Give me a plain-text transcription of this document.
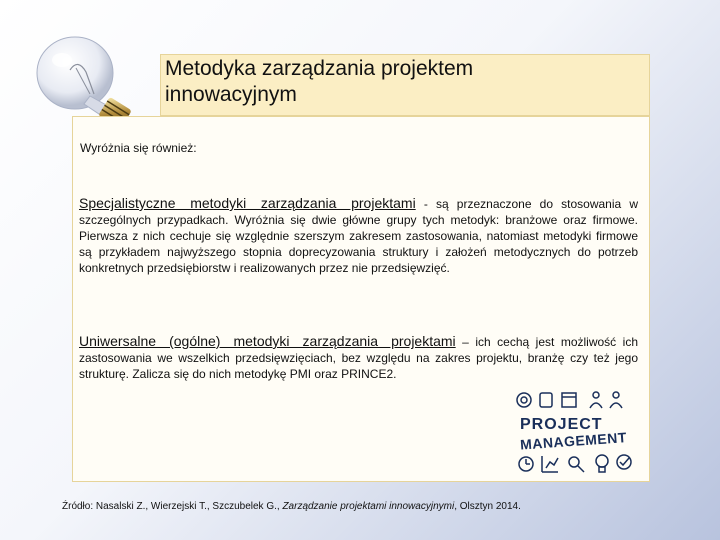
Metodyka zarządzania projektem
innowacyjnym
Wyróżnia się również:
Specjalistyczne metodyki zarządzania projektami - są przeznaczone do stosowania w szczególnych przypadkach. Wyróżnia się dwie główne grupy tych metodyk: branżowe oraz firmowe. Pierwsza z nich cechuje się względnie szerszym zakresem zastosowania, natomiast metodyki firmowe są przykładem najwyższego stopnia doprecyzowania struktury i założeń metodycznych do potrzeb konkretnych przedsiębiorstw i realizowanych przez nie przedsięwzięć.
Uniwersalne (ogólne) metodyki zarządzania projektami – ich cechą jest możliwość ich zastosowania we wszelkich przedsięwzięciach, bez względu na zakres projektu, branżę czy też jego strukturę. Zalicza się do nich metodykę PMI oraz PRINCE2.
PROJECT
MANAGEMENT
Źródło: Nasalski Z., Wierzejski T., Szczubelek G., Zarządzanie projektami innowacyjnymi, Olsztyn 2014.
